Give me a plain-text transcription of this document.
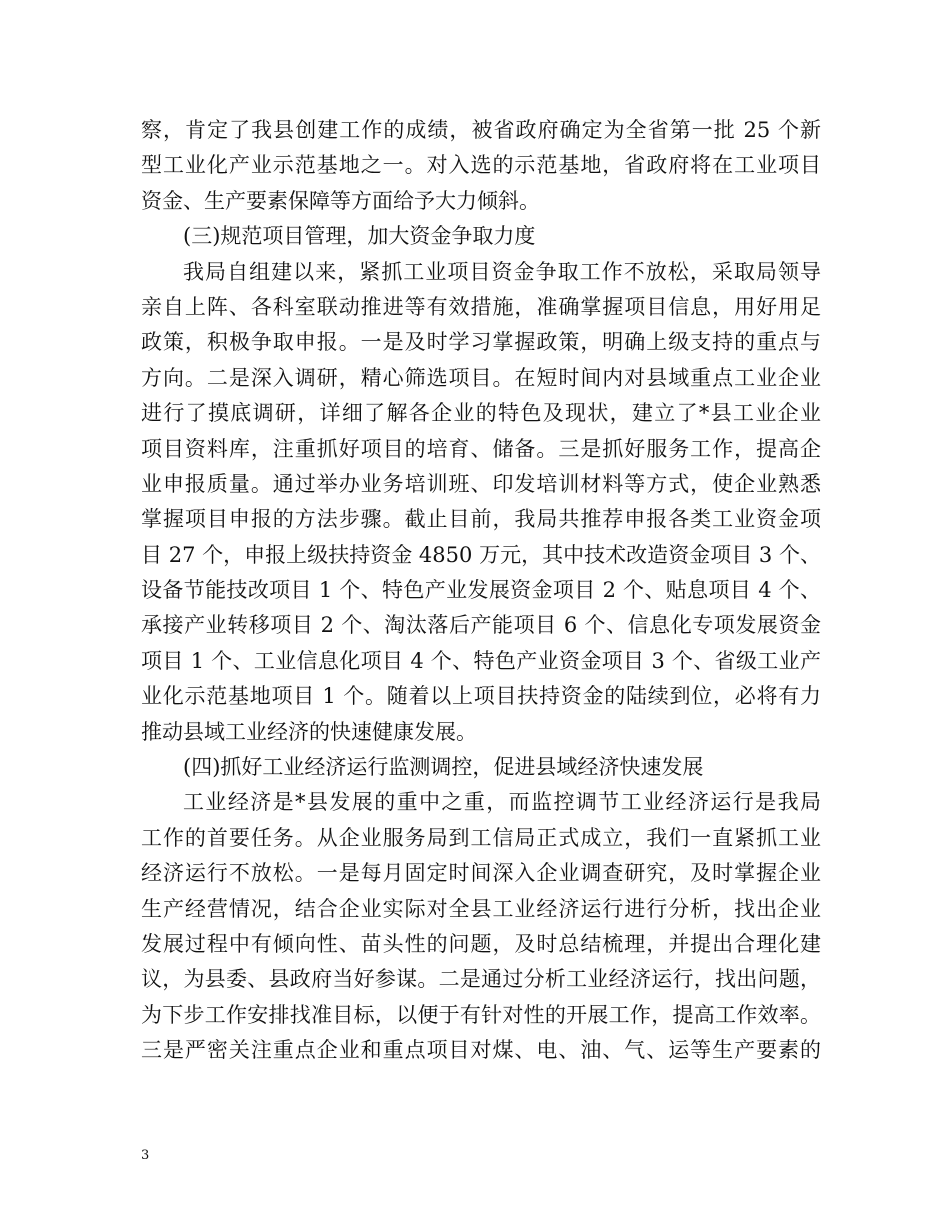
察，肯定了我县创建工作的成绩，被省政府确定为全省第一批 25 个新
型工业化产业示范基地之一。对入选的示范基地，省政府将在工业项目
资金、生产要素保障等方面给予大力倾斜。
(三)规范项目管理，加大资金争取力度
我局自组建以来，紧抓工业项目资金争取工作不放松，采取局领导
亲自上阵、各科室联动推进等有效措施，准确掌握项目信息，用好用足
政策，积极争取申报。一是及时学习掌握政策，明确上级支持的重点与
方向。二是深入调研，精心筛选项目。在短时间内对县域重点工业企业
进行了摸底调研，详细了解各企业的特色及现状，建立了*县工业企业
项目资料库，注重抓好项目的培育、储备。三是抓好服务工作，提高企
业申报质量。通过举办业务培训班、印发培训材料等方式，使企业熟悉
掌握项目申报的方法步骤。截止目前，我局共推荐申报各类工业资金项
目 27 个，申报上级扶持资金 4850 万元，其中技术改造资金项目 3 个、
设备节能技改项目 1 个、特色产业发展资金项目 2 个、贴息项目 4 个、
承接产业转移项目 2 个、淘汰落后产能项目 6 个、信息化专项发展资金
项目 1 个、工业信息化项目 4 个、特色产业资金项目 3 个、省级工业产
业化示范基地项目 1 个。随着以上项目扶持资金的陆续到位，必将有力
推动县域工业经济的快速健康发展。
(四)抓好工业经济运行监测调控，促进县域经济快速发展
工业经济是*县发展的重中之重，而监控调节工业经济运行是我局
工作的首要任务。从企业服务局到工信局正式成立，我们一直紧抓工业
经济运行不放松。一是每月固定时间深入企业调查研究，及时掌握企业
生产经营情况，结合企业实际对全县工业经济运行进行分析，找出企业
发展过程中有倾向性、苗头性的问题，及时总结梳理，并提出合理化建
议，为县委、县政府当好参谋。二是通过分析工业经济运行，找出问题，
为下步工作安排找准目标，以便于有针对性的开展工作，提高工作效率。
三是严密关注重点企业和重点项目对煤、电、油、气、运等生产要素的
3
